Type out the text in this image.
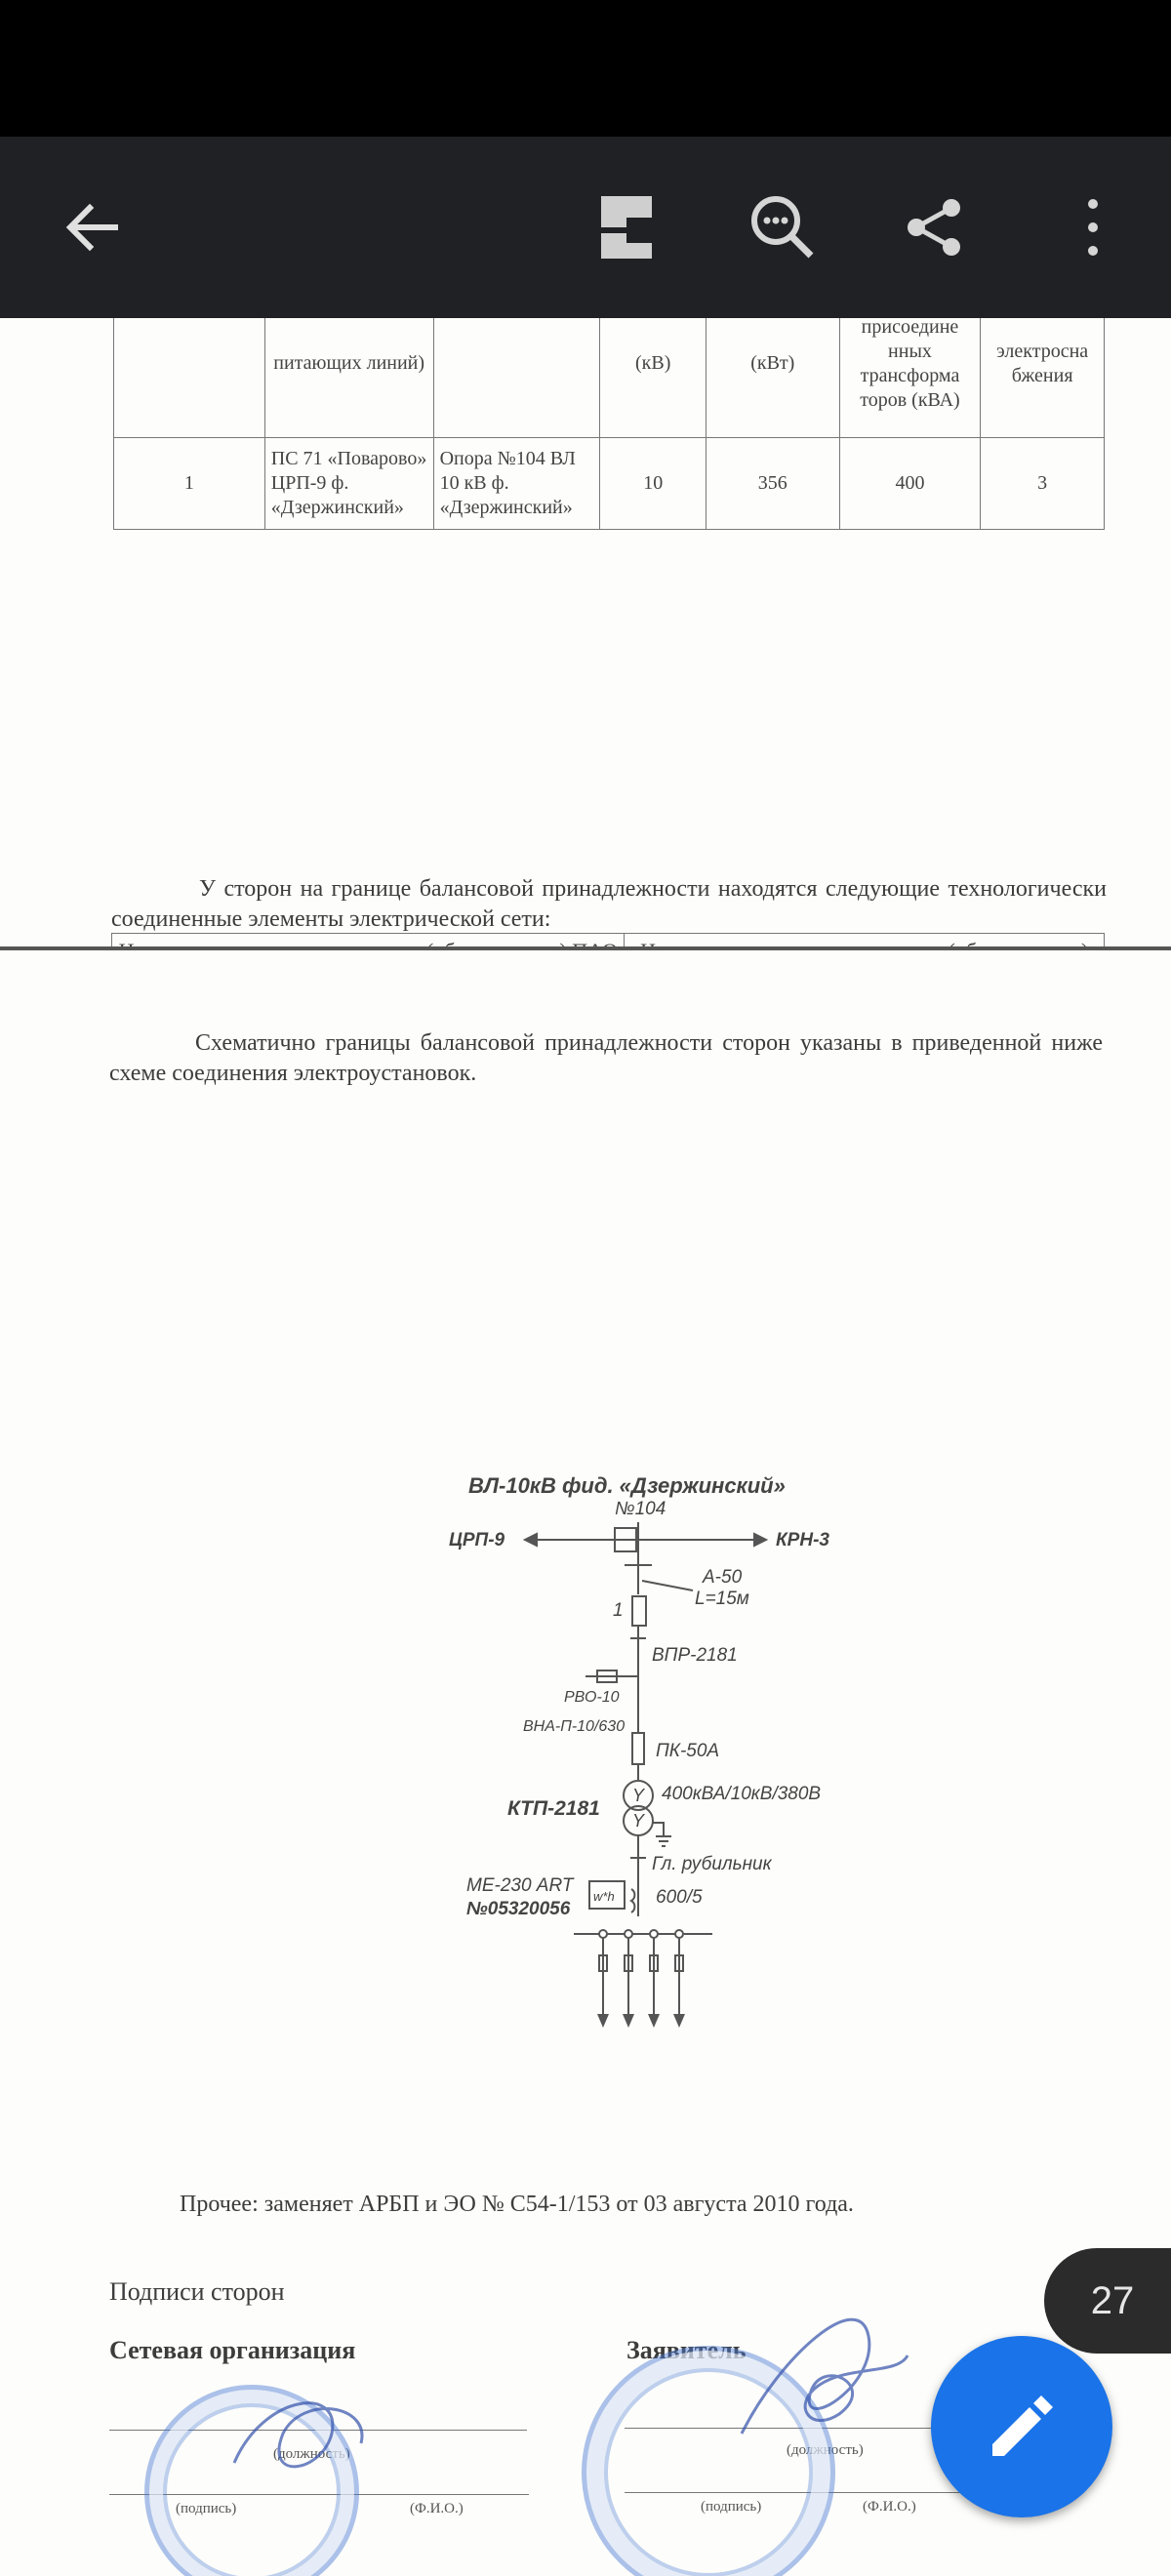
	питающих линий)		(кВ)	(кВт)	присоедине нных трансформа торов (кВА)	электроcна бжения
1	ПС 71 «Поварово» ЦРП-9 ф. «Дзержинский»	Опора №104 ВЛ 10 кВ ф. «Дзержинский»	10	356	400	3
У сторон на границе балансовой принадлежности находятся следующие технологически соединенные элементы электрической сети:

Схематично границы балансовой принадлежности сторон указаны в приведенной ниже схеме соединения электроустановок.
ВЛ-10кВ фид. «Дзержинский»
№104
ЦРП-9	КРН-3
Y
Y
А-50
L=15м
1
ВПР-2181
РВО-10
ВНА-П-10/630
ПК-50А
КТП-2181
400кВА/10кВ/380В
Гл. рубильник
МЕ-230 ART
№05320056
w*h 600/5
Прочее: заменяет АРБП и ЭО № С54-1/153 от 03 августа 2010 года.
Подписи сторон
Сетевая организация	Заявитель
(должность)
(подпись)	(Ф.И.О.)
(должность)
(подпись)	(Ф.И.О.)
27
